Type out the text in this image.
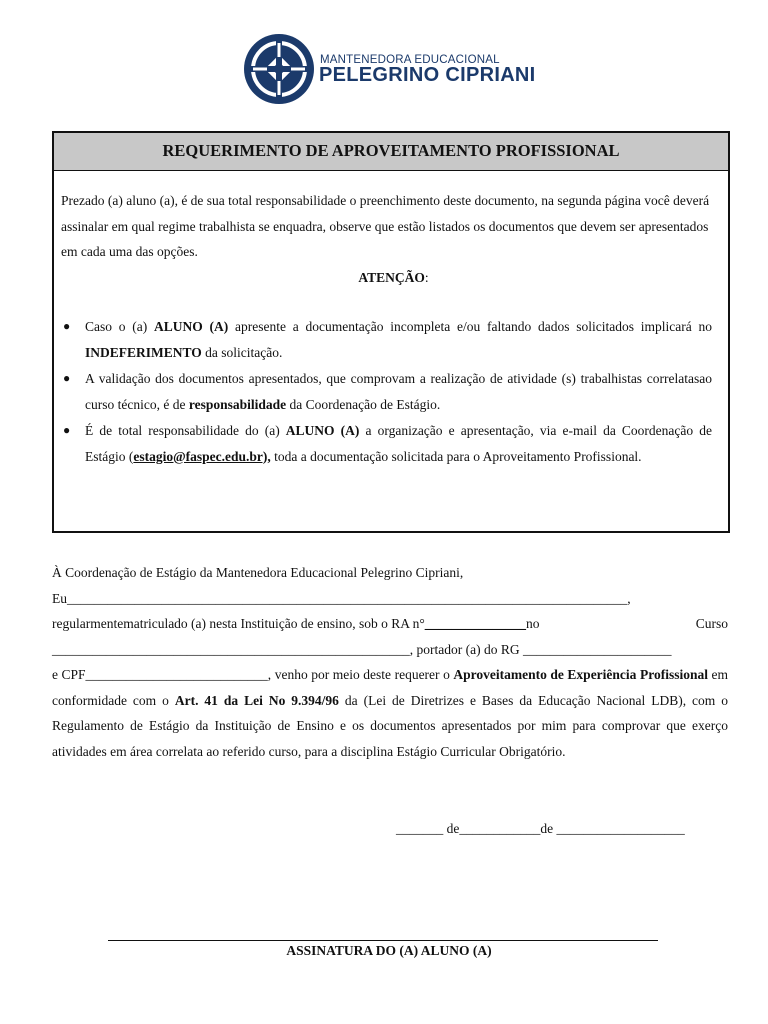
MANTENEDORA EDUCACIONAL
PELEGRINO CIPRIANI
REQUERIMENTO DE APROVEITAMENTO PROFISSIONAL

Prezado (a) aluno (a), é de sua total responsabilidade o preenchimento deste documento, na segunda página você deverá assinalar em qual regime trabalhista se enquadra, observe que estão listados os documentos que devem ser apresentados em cada uma das opções.

ATENÇÃO:

● Caso o (a) ALUNO (A) apresente a documentação incompleta e/ou faltando dados solicitados implicará no INDEFERIMENTO da solicitação.
● A validação dos documentos apresentados, que comprovam a realização de atividade (s) trabalhistas correlatasao curso técnico, é de responsabilidade da Coordenação de Estágio.
● É de total responsabilidade do (a) ALUNO (A) a organização e apresentação, via e-mail da Coordenação de Estágio (estagio@faspec.edu.br), toda a documentação solicitada para o Aproveitamento Profissional.

À Coordenação de Estágio da Mantenedora Educacional Pelegrino Cipriani,

Eu___________________________________________________________________________________,

regularmentematriculado (a) nesta Instituição de ensino, sob o RA n°_______________no	Curso

_____________________________________________________, portador (a) do RG ______________________

e CPF___________________________, venho por meio deste requerer o Aproveitamento de Experiência Profissional em conformidade com o Art. 41 da Lei No 9.394/96 da (Lei de Diretrizes e Bases da Educação Nacional LDB), com o Regulamento de Estágio da Instituição de Ensino e os documentos apresentados por mim para comprovar que exerço atividades em área correlata ao referido curso, para a disciplina Estágio Curricular Obrigatório.

_______ de____________de ___________________
ASSINATURA DO (A) ALUNO (A)
